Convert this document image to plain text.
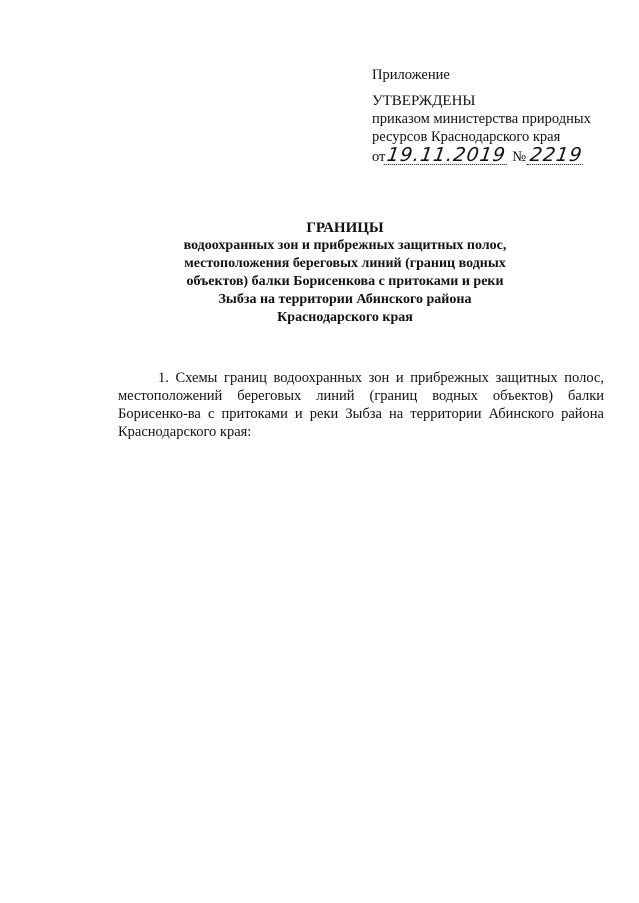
Приложение
УТВЕРЖДЕНЫ
приказом министерства природных
ресурсов Краснодарского края
от 19.11.2019 № 2219
ГРАНИЦЫ
водоохранных зон и прибрежных защитных полос,
местоположения береговых линий (границ водных
объектов) балки Борисенкова с притоками и реки
Зыбза на территории Абинского района
Краснодарского края

1. Схемы границ водоохранных зон и прибрежных защитных полос, местоположений береговых линий (границ водных объектов) балки Борисенко-ва с притоками и реки Зыбза на территории Абинского района Краснодарского края:
